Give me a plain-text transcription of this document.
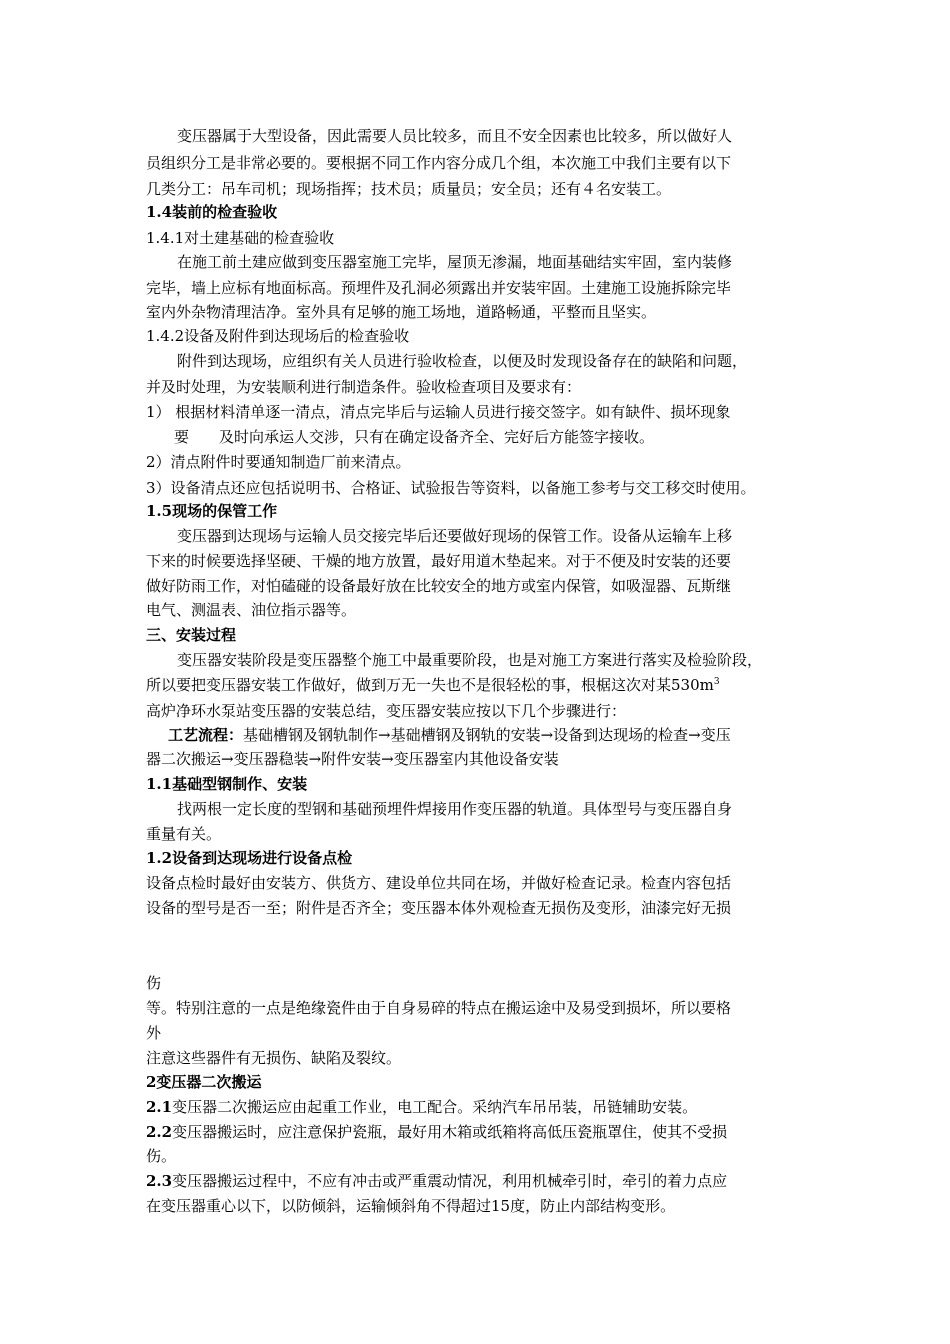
变压器属于大型设备，因此需要人员比较多，而且不安全因素也比较多，所以做好人

员组织分工是非常必要的。要根据不同工作内容分成几个组，本次施工中我们主要有以下

几类分工：吊车司机；现场指挥；技术员；质量员；安全员；还有４名安装工。

1.4装前的检查验收

1.4.1对土建基础的检查验收

在施工前土建应做到变压器室施工完毕，屋顶无渗漏，地面基础结实牢固，室内装修

完毕，墙上应标有地面标高。预埋件及孔洞必须露出并安装牢固。土建施工设施拆除完毕

室内外杂物清理洁净。室外具有足够的施工场地，道路畅通，平整而且坚实。

1.4.2设备及附件到达现场后的检查验收

附件到达现场，应组织有关人员进行验收检查，以便及时发现设备存在的缺陷和问题，

并及时处理，为安装顺利进行制造条件。验收检查项目及要求有：

1） 根据材料清单逐一清点，清点完毕后与运输人员进行接交签字。如有缺件、损坏现象

要　　及时向承运人交涉，只有在确定设备齐全、完好后方能签字接收。

2）清点附件时要通知制造厂前来清点。

3）设备清点还应包括说明书、合格证、试验报告等资料，以备施工参考与交工移交时使用。

1.5现场的保管工作

变压器到达现场与运输人员交接完毕后还要做好现场的保管工作。设备从运输车上移

下来的时候要选择坚硬、干燥的地方放置，最好用道木垫起来。对于不便及时安装的还要

做好防雨工作，对怕磕碰的设备最好放在比较安全的地方或室内保管，如吸湿器、瓦斯继

电气、测温表、油位指示器等。

三、安装过程

变压器安装阶段是变压器整个施工中最重要阶段，也是对施工方案进行落实及检验阶段，

所以要把变压器安装工作做好，做到万无一失也不是很轻松的事，根椐这次对某$530m^3$

高炉净环水泵站变压器的安装总结，变压器安装应按以下几个步骤进行：

工艺流程：基础槽钢及钢轨制作→基础槽钢及钢轨的安装→设备到达现场的检查→变压

器二次搬运→变压器稳装→附件安装→变压器室内其他设备安装

1.1基础型钢制作、安装

找两根一定长度的型钢和基础预埋件焊接用作变压器的轨道。具体型号与变压器自身

重量有关。

1.2设备到达现场进行设备点检

设备点检时最好由安装方、供货方、建设单位共同在场，并做好检查记录。检查内容包括

设备的型号是否一至；附件是否齐全；变压器本体外观检查无损伤及变形，油漆完好无损

伤

等。特别注意的一点是绝缘瓷件由于自身易碎的特点在搬运途中及易受到损坏，所以要格

外

注意这些器件有无损伤、缺陷及裂纹。

2变压器二次搬运

2.1变压器二次搬运应由起重工作业，电工配合。采纳汽车吊吊装，吊链辅助安装。

2.2变压器搬运时，应注意保护瓷瓶，最好用木箱或纸箱将高低压瓷瓶罩住，使其不受损

伤。

2.3变压器搬运过程中，不应有冲击或严重震动情况，利用机械牵引时，牵引的着力点应

在变压器重心以下，以防倾斜，运输倾斜角不得超过15度，防止内部结构变形。
